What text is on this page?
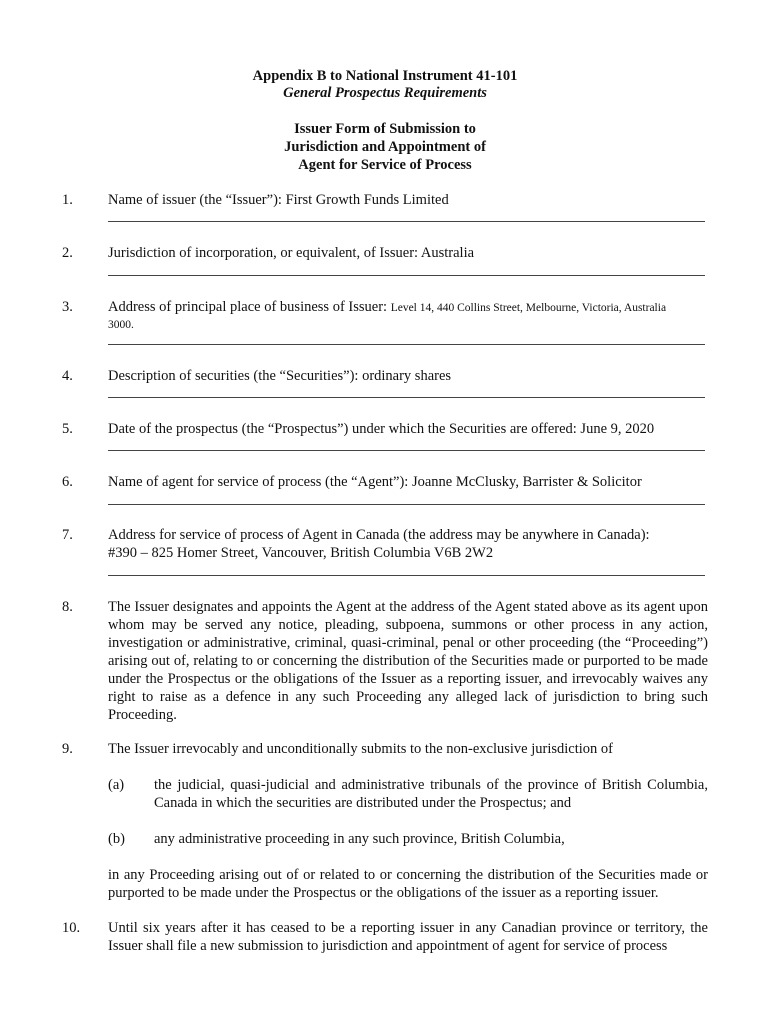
Appendix B to National Instrument 41-101
General Prospectus Requirements
Issuer Form of Submission to
Jurisdiction and Appointment of
Agent for Service of Process
1.	Name of issuer (the “Issuer”): First Growth Funds Limited
2.	Jurisdiction of incorporation, or equivalent, of Issuer: Australia
3.	Address of principal place of business of Issuer: Level 14, 440 Collins Street, Melbourne, Victoria, Australia
3000.
4.	Description of securities (the “Securities”): ordinary shares
5.	Date of the prospectus (the “Prospectus”) under which the Securities are offered: June 9, 2020
6.	Name of agent for service of process (the “Agent”): Joanne McClusky, Barrister & Solicitor
7.	Address for service of process of Agent in Canada (the address may be anywhere in Canada):
#390 – 825 Homer Street, Vancouver, British Columbia V6B 2W2
8.	The Issuer designates and appoints the Agent at the address of the Agent stated above as its agent upon whom may be served any notice, pleading, subpoena, summons or other process in any action, investigation or administrative, criminal, quasi-criminal, penal or other proceeding (the “Proceeding”) arising out of, relating to or concerning the distribution of the Securities made or purported to be made under the Prospectus or the obligations of the Issuer as a reporting issuer, and irrevocably waives any right to raise as a defence in any such Proceeding any alleged lack of jurisdiction to bring such Proceeding.
9.	The Issuer irrevocably and unconditionally submits to the non-exclusive jurisdiction of
(a) the judicial, quasi-judicial and administrative tribunals of the province of British Columbia, Canada in which the securities are distributed under the Prospectus; and
(b) any administrative proceeding in any such province, British Columbia,
in any Proceeding arising out of or related to or concerning the distribution of the Securities made or purported to be made under the Prospectus or the obligations of the issuer as a reporting issuer.
10.	Until six years after it has ceased to be a reporting issuer in any Canadian province or territory, the Issuer shall file a new submission to jurisdiction and appointment of agent for service of process
